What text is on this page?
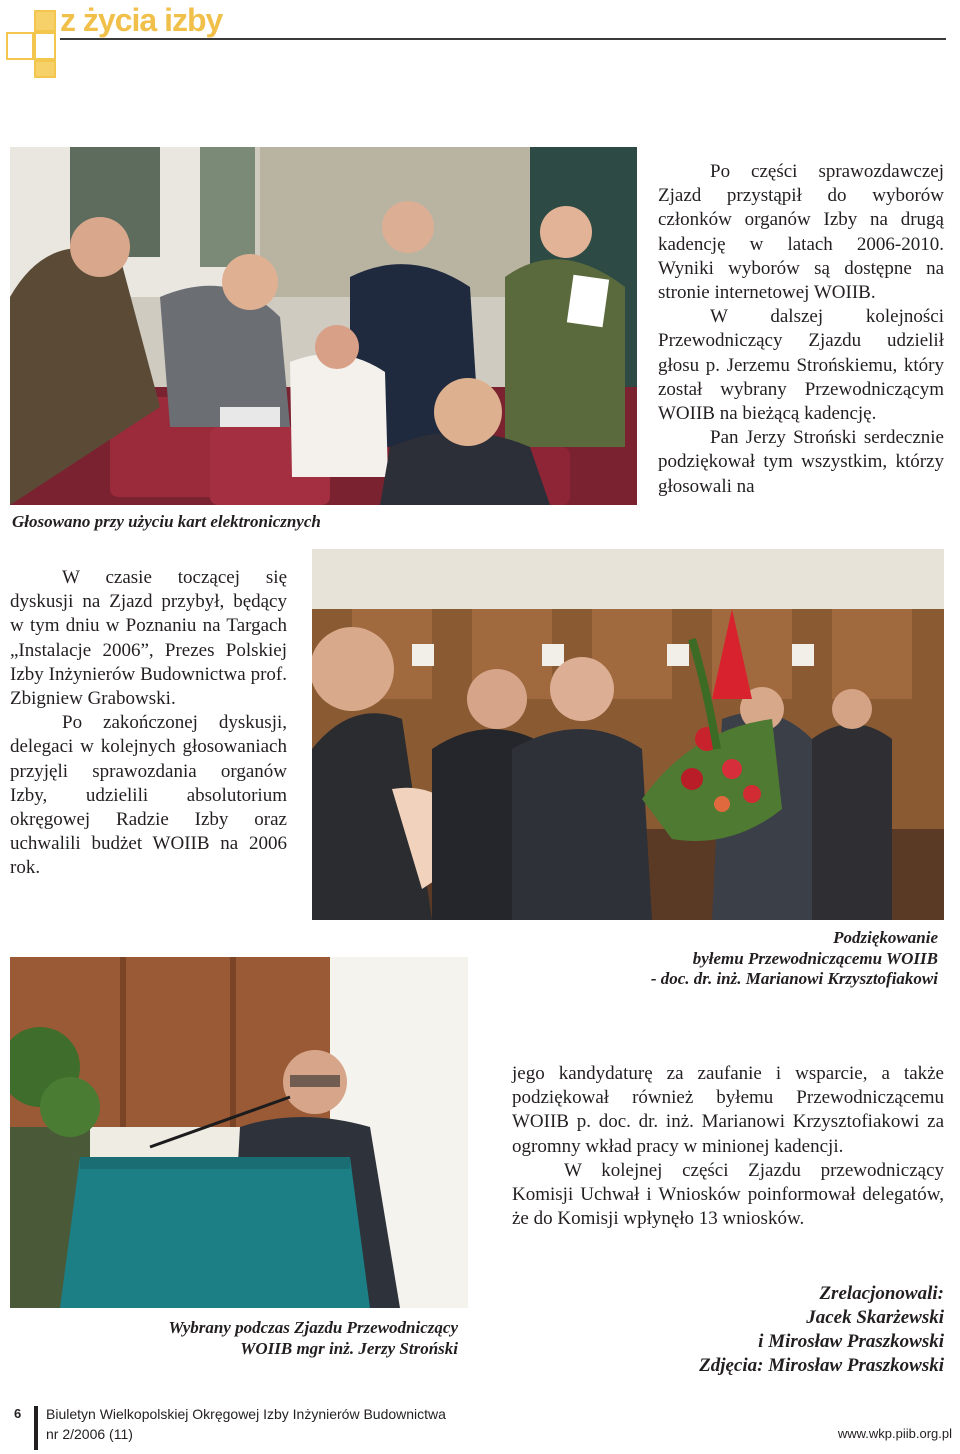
z życia izby
Głosowano przy użyciu kart elektronicznych

Po części sprawozdawczej Zjazd przystąpił do wyborów członków organów Izby na drugą kadencję w latach 2006-2010. Wyniki wyborów są dostępne na stronie internetowej WOIIB.

W dalszej kolejności Przewodniczący Zjazdu udzielił głosu p. Jerzemu Strońskiemu, który został wybrany Przewodniczącym WOIIB na bieżącą kadencję.

Pan Jerzy Stroński serdecznie podziękował tym wszystkim, którzy głosowali na

W czasie toczącej się dyskusji na Zjazd przybył, będący w tym dniu w Poznaniu na Targach „Instalacje 2006”, Prezes Polskiej Izby Inżynierów Budownictwa prof. Zbigniew Grabowski.

Po zakończonej dyskusji, delegaci w kolejnych głosowaniach przyjęli sprawozdania organów Izby, udzielili absolutorium okręgowej Radzie Izby oraz uchwalili budżet WOIIB na 2006 rok.

Podziękowanie
byłemu Przewodniczącemu WOIIB
- doc. dr. inż. Marianowi Krzysztofiakowi
Wybrany podczas Zjazdu Przewodniczący
WOIIB mgr inż. Jerzy Stroński

jego kandydaturę za zaufanie i wsparcie, a także podziękował również byłemu Przewodniczącemu WOIIB p. doc. dr. inż. Marianowi Krzysztofiakowi za ogromny wkład pracy w minionej kadencji.

W kolejnej części Zjazdu przewodniczący Komisji Uchwał i Wniosków poinformował delegatów, że do Komisji wpłynęło 13 wniosków.

Zrelacjonowali:
Jacek Skarżewski
i Mirosław Praszkowski
Zdjęcia: Mirosław Praszkowski
6 Biuletyn Wielkopolskiej Okręgowej Izby Inżynierów Budownictwa
nr 2/2006 (11)	www.wkp.piib.org.pl
